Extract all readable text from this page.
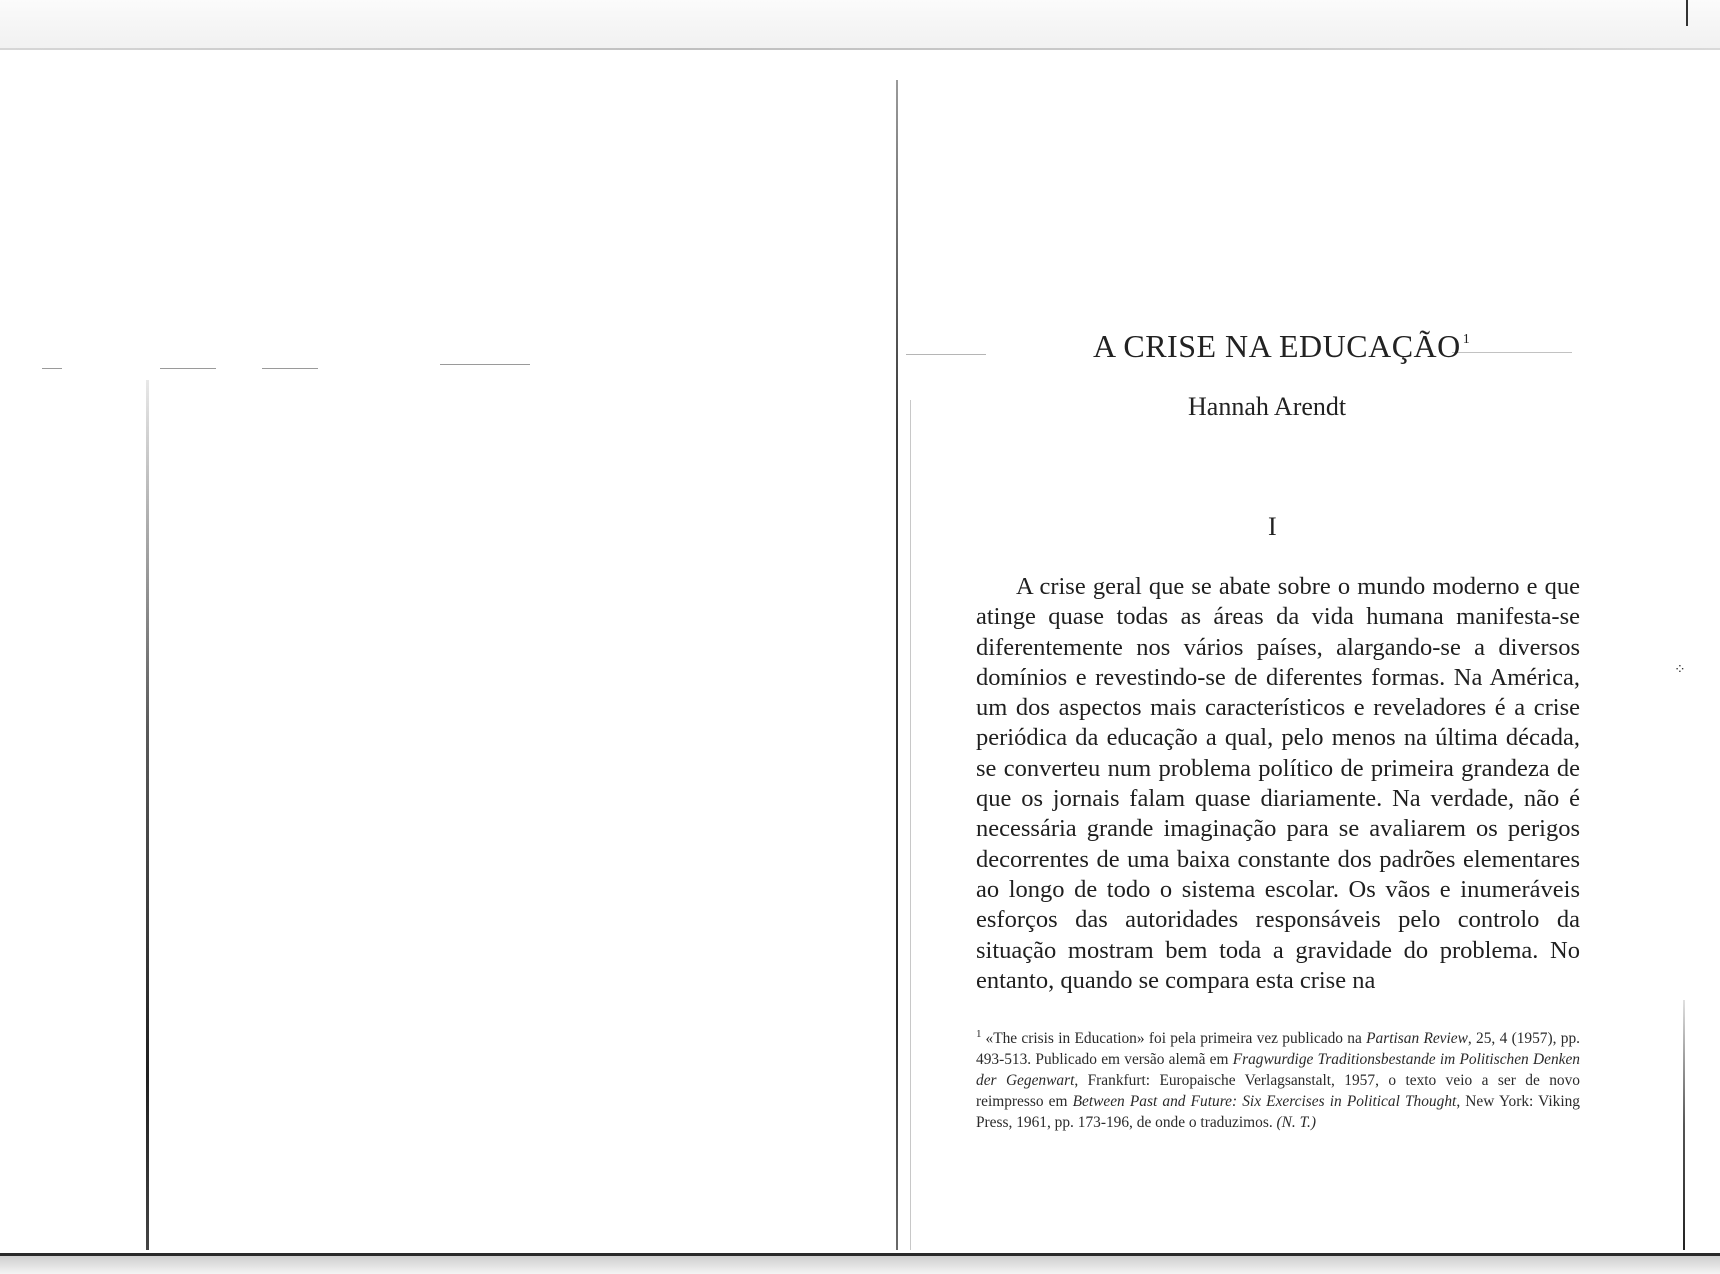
⁘
A CRISE NA EDUCAÇÃO $^1$
Hannah Arendt
I

A crise geral que se abate sobre o mundo moderno e que atinge quase todas as áreas da vida humana manifesta-se diferentemente nos vários países, alargando-se a diversos domínios e revestindo-se de diferentes formas. Na América, um dos aspectos mais característicos e reveladores é a crise periódica da educação a qual, pelo menos na última década, se converteu num problema político de primeira grandeza de que os jornais falam quase diariamente. Na verdade, não é necessária grande imaginação para se avaliarem os perigos decorrentes de uma baixa constante dos padrões elementares ao longo de todo o sistema escolar. Os vãos e inumeráveis esforços das autoridades responsáveis pelo controlo da situação mostram bem toda a gravidade do problema. No entanto, quando se compara esta crise na

$^1$ «The crisis in Education» foi pela primeira vez publicado na Partisan Review, 25, 4 (1957), pp. 493-513. Publicado em versão alemã em Fragwurdige Traditionsbestande im Politischen Denken der Gegenwart, Frankfurt: Europaische Verlagsanstalt, 1957, o texto veio a ser de novo reimpresso em Between Past and Future: Six Exercises in Political Thought, New York: Viking Press, 1961, pp. 173-196, de onde o traduzimos. (N. T.)
